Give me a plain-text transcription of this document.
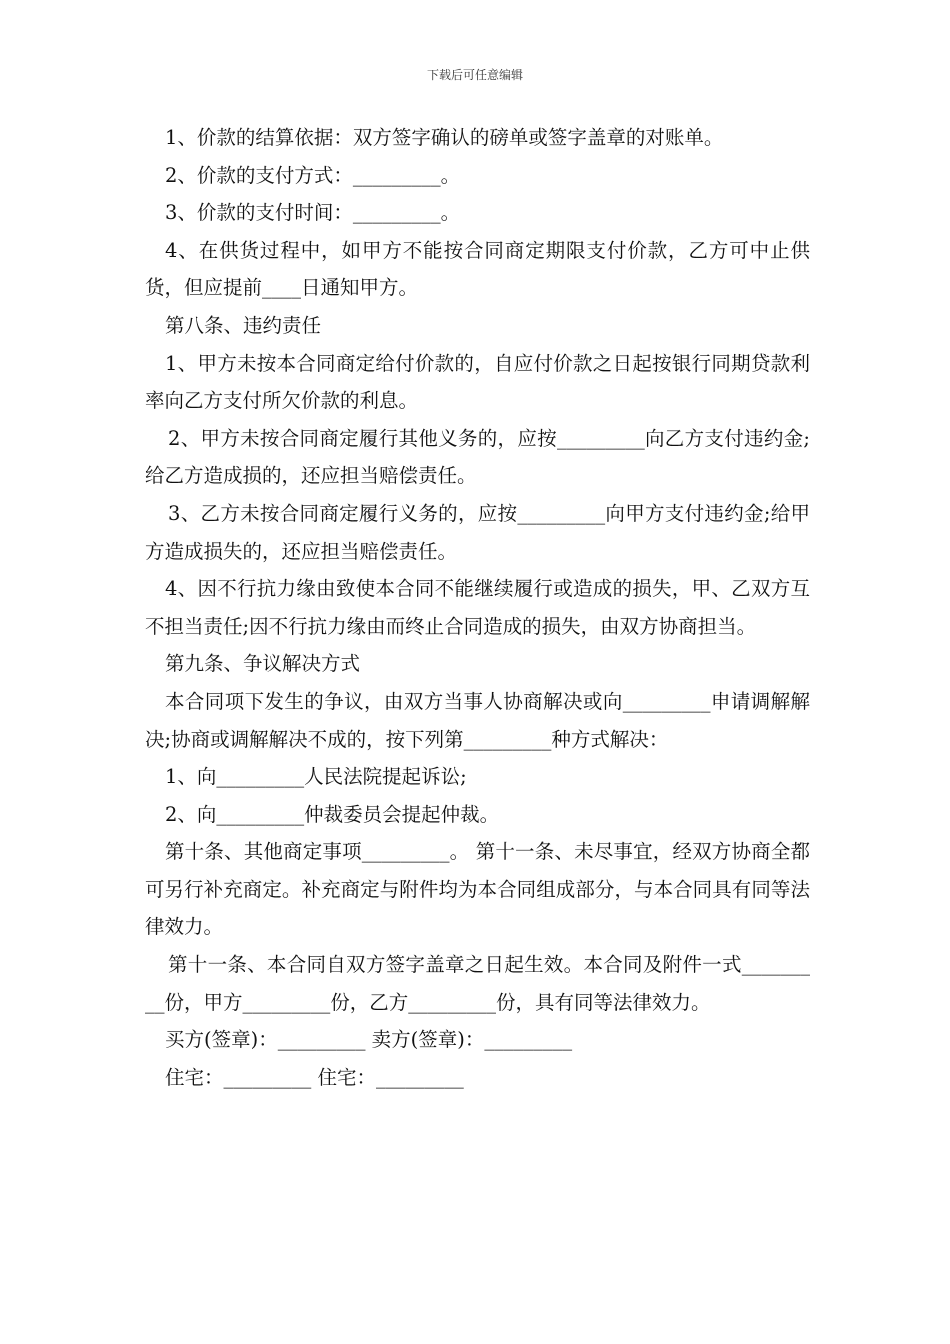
下载后可任意编辑

1、价款的结算依据：双方签字确认的磅单或签字盖章的对账单。

2、价款的支付方式：_________。

3、价款的支付时间：_________。

4、在供货过程中，如甲方不能按合同商定期限支付价款，乙方可中止供货，但应提前____日通知甲方。

第八条、违约责任

1、甲方未按本合同商定给付价款的，自应付价款之日起按银行同期贷款利率向乙方支付所欠价款的利息。

2、甲方未按合同商定履行其他义务的，应按_________向乙方支付违约金;给乙方造成损的，还应担当赔偿责任。

3、乙方未按合同商定履行义务的，应按_________向甲方支付违约金;给甲方造成损失的，还应担当赔偿责任。

4、因不行抗力缘由致使本合同不能继续履行或造成的损失，甲、乙双方互不担当责任;因不行抗力缘由而终止合同造成的损失，由双方协商担当。

第九条、争议解决方式

本合同项下发生的争议，由双方当事人协商解决或向_________申请调解解决;协商或调解解决不成的，按下列第_________种方式解决：

1、向_________人民法院提起诉讼;

2、向_________仲裁委员会提起仲裁。

第十条、其他商定事项_________。 第十一条、未尽事宜，经双方协商全都可另行补充商定。补充商定与附件均为本合同组成部分，与本合同具有同等法律效力。

第十一条、本合同自双方签字盖章之日起生效。本合同及附件一式_________份，甲方_________份，乙方_________份，具有同等法律效力。

买方(签章)：_________ 卖方(签章)：_________

住宅：_________ 住宅：_________
